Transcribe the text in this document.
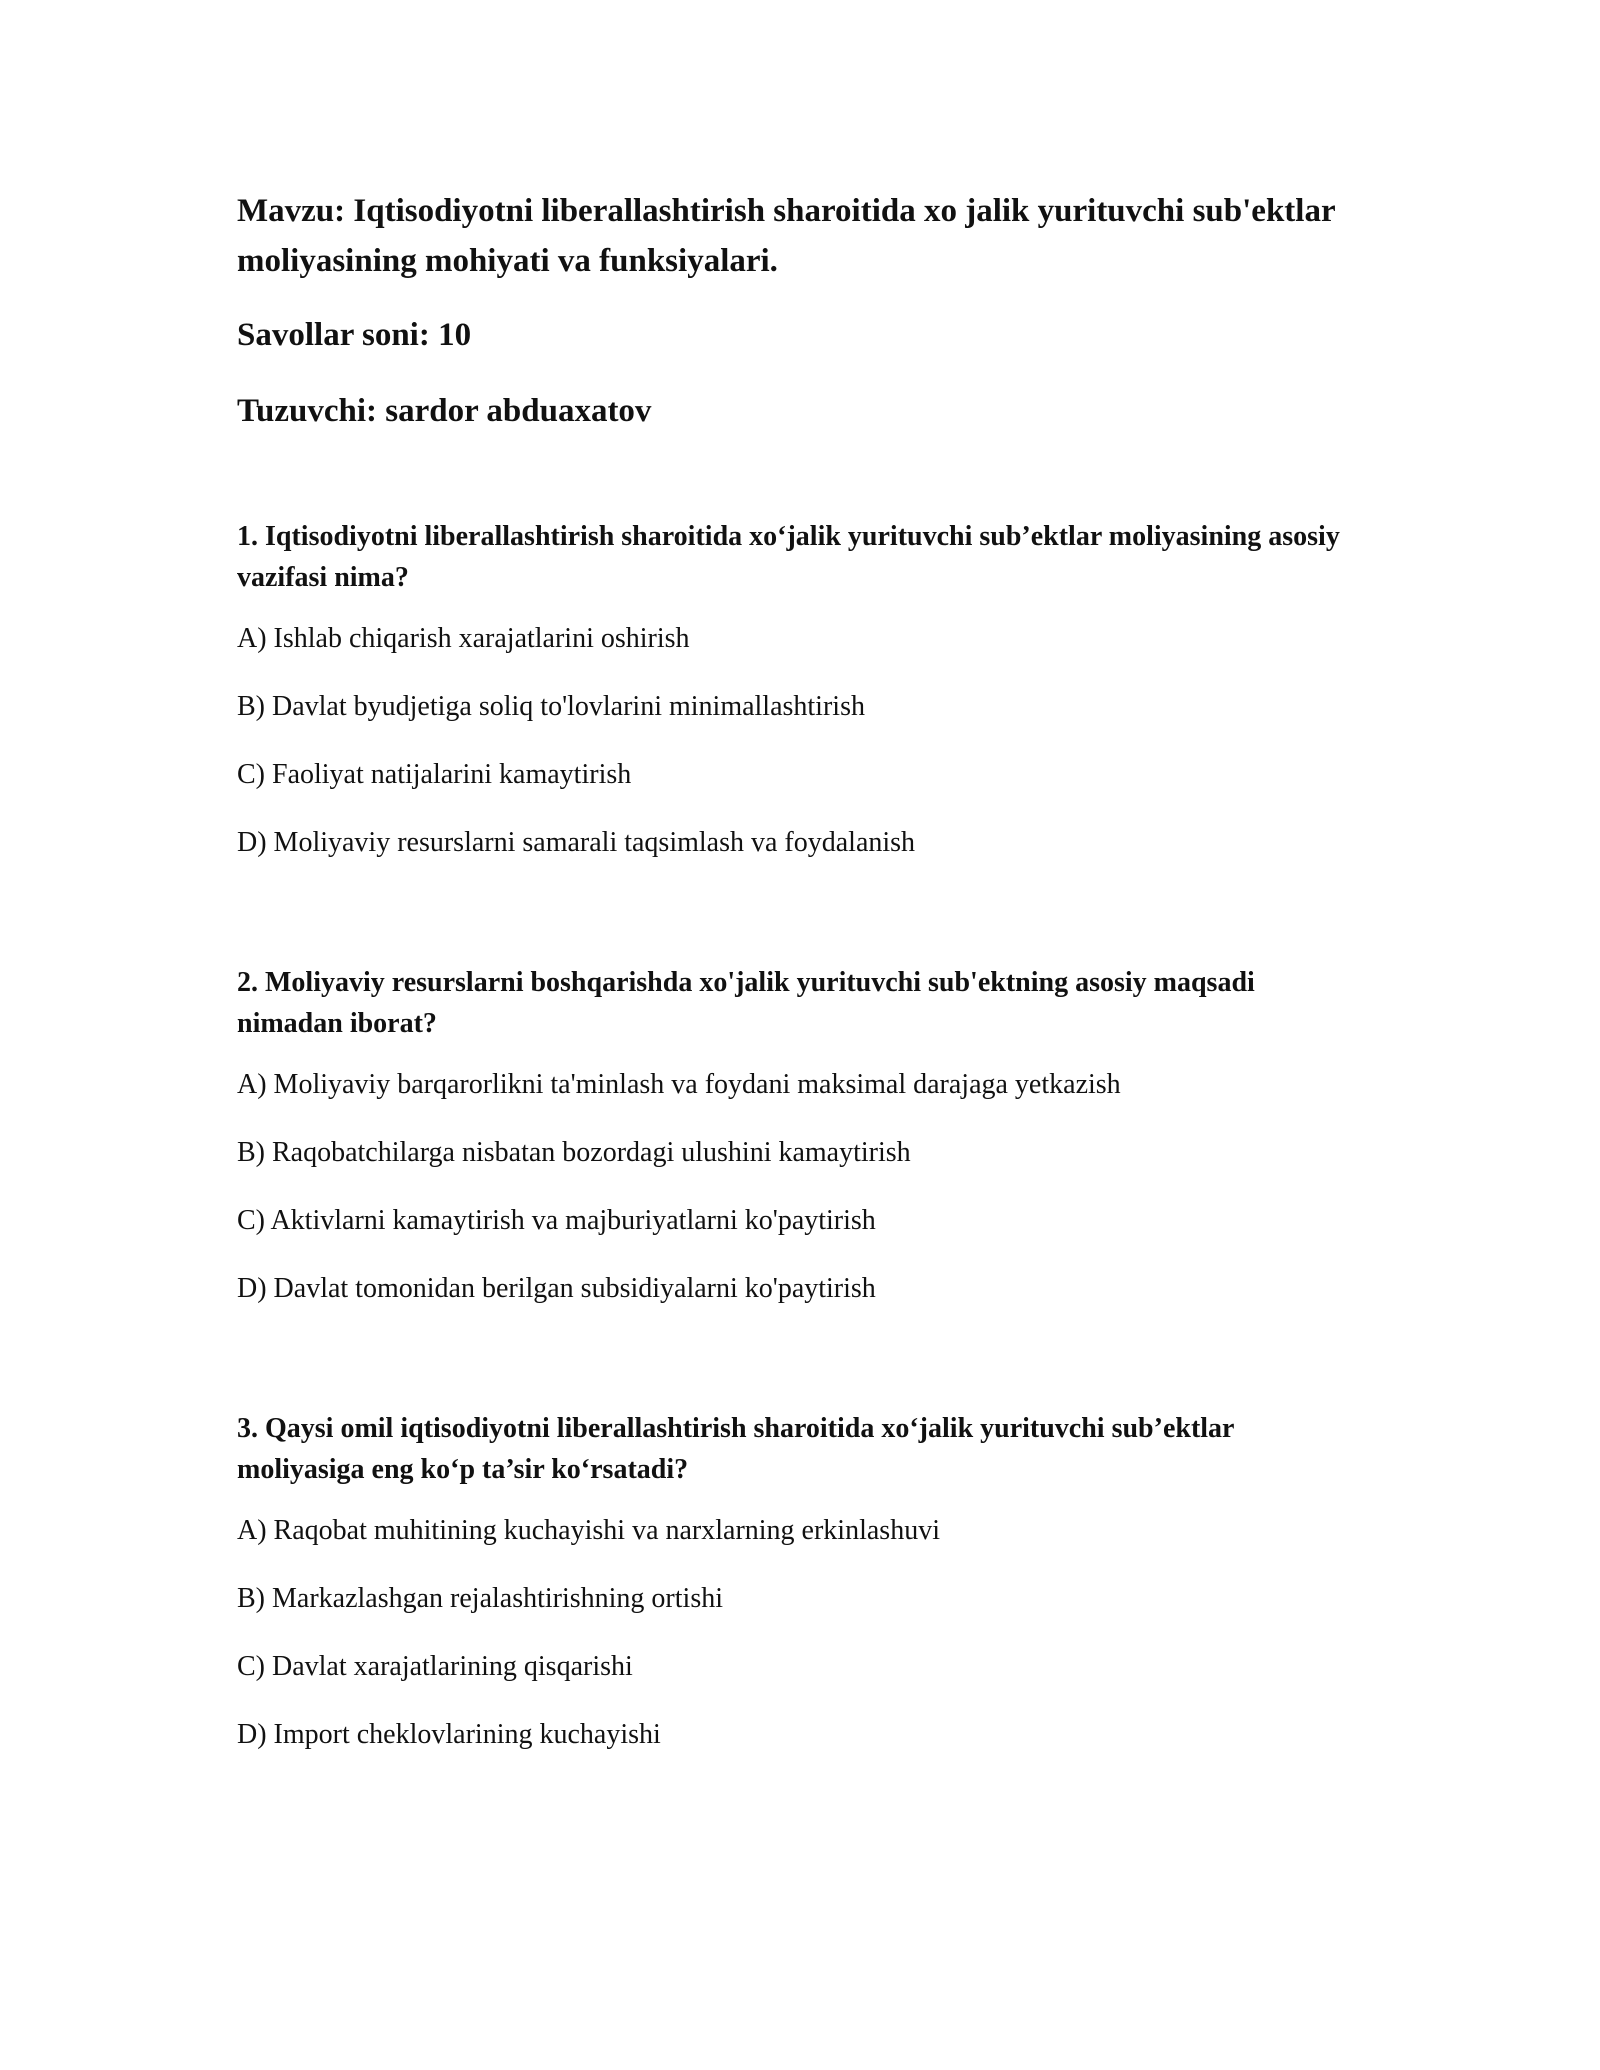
Mavzu: Iqtisodiyotni liberallashtirish sharoitida xo jalik yurituvchi sub'ektlar moliyasining mohiyati va funksiyalari.

Savollar soni: 10

Tuzuvchi: sardor abduaxatov

1. Iqtisodiyotni liberallashtirish sharoitida xo‘jalik yurituvchi sub’ektlar moliyasining asosiy vazifasi nima?

A) Ishlab chiqarish xarajatlarini oshirish
B) Davlat byudjetiga soliq to'lovlarini minimallashtirish
C) Faoliyat natijalarini kamaytirish
D) Moliyaviy resurslarni samarali taqsimlash va foydalanish

2. Moliyaviy resurslarni boshqarishda xo'jalik yurituvchi sub'ektning asosiy maqsadi nimadan iborat?

A) Moliyaviy barqarorlikni ta'minlash va foydani maksimal darajaga yetkazish
B) Raqobatchilarga nisbatan bozordagi ulushini kamaytirish
C) Aktivlarni kamaytirish va majburiyatlarni ko'paytirish
D) Davlat tomonidan berilgan subsidiyalarni ko'paytirish

3. Qaysi omil iqtisodiyotni liberallashtirish sharoitida xo‘jalik yurituvchi sub’ektlar moliyasiga eng ko‘p ta’sir ko‘rsatadi?

A) Raqobat muhitining kuchayishi va narxlarning erkinlashuvi
B) Markazlashgan rejalashtirishning ortishi
C) Davlat xarajatlarining qisqarishi
D) Import cheklovlarining kuchayishi
